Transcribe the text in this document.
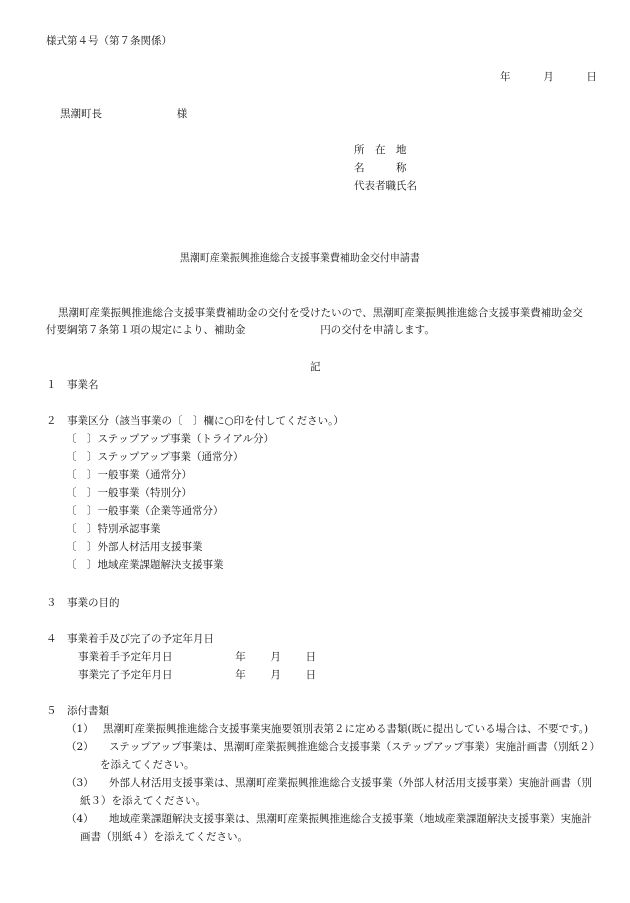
様式第４号（第７条関係）
年	月	日
黒潮町長	様
所　在　地
名　　　称
代表者職氏名
黒潮町産業振興推進総合支援事業費補助金交付申請書
黒潮町産業振興推進総合支援事業費補助金の交付を受けたいので、黒潮町産業振興推進総合支援事業費補助金交
付要綱第７条第１項の規定により、補助金	円の交付を申請します。
記
１　事業名
２　事業区分（該当事業の〔　〕欄に○印を付してください。）
〔　〕ステップアップ事業（トライアル分）
〔　〕ステップアップ事業（通常分）
〔　〕一般事業（通常分）
〔　〕一般事業（特別分）
〔　〕一般事業（企業等通常分）
〔　〕特別承認事業
〔　〕外部人材活用支援事業
〔　〕地域産業課題解決支援事業
３　事業の目的
４　事業着手及び完了の予定年月日
事業着手予定年月日	年 月 日
事業完了予定年月日	年 月 日
５　添付書類
（1） 黒潮町産業振興推進総合支援事業実施要領別表第２に定める書類(既に提出している場合は、不要です。)
（2） ステップアップ事業は、黒潮町産業振興推進総合支援事業（ステップアップ事業）実施計画書（別紙２）
を添えてください。
（3） 外部人材活用支援事業は、黒潮町産業振興推進総合支援事業（外部人材活用支援事業）実施計画書（別
紙３）を添えてください。
（4） 地域産業課題解決支援事業は、黒潮町産業振興推進総合支援事業（地域産業課題解決支援事業）実施計
画書（別紙４）を添えてください。
